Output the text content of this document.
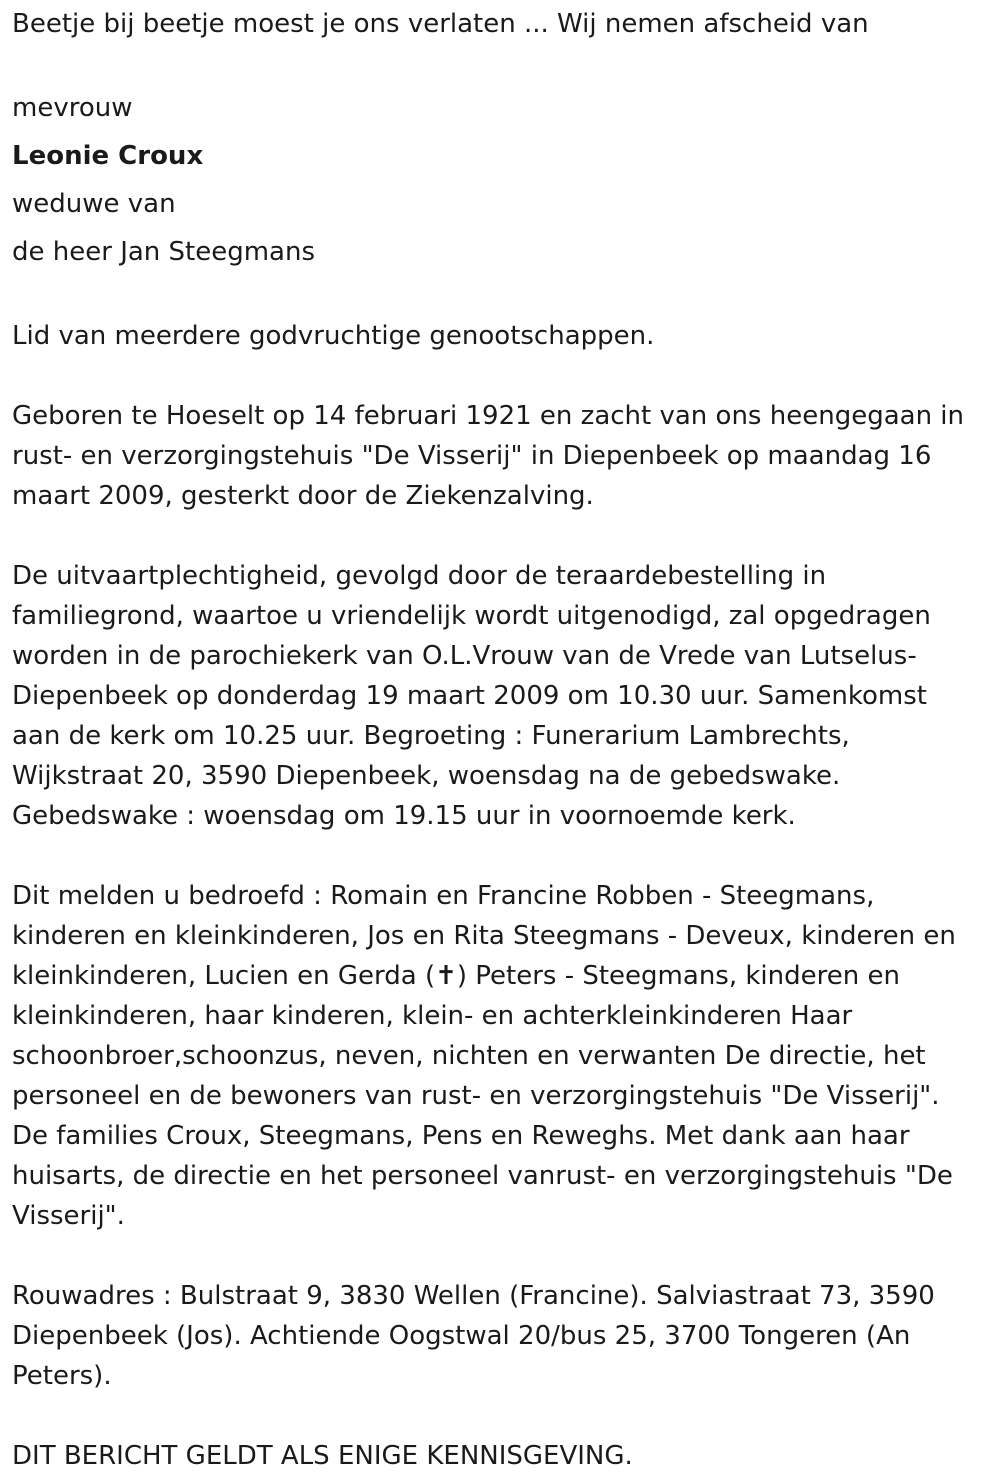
Beetje bij beetje moest je ons verlaten ... Wij nemen afscheid van

mevrouw

Leonie Croux

weduwe van

de heer Jan Steegmans

Lid van meerdere godvruchtige genootschappen.

Geboren te Hoeselt op 14 februari 1921 en zacht van ons heengegaan in
rust- en verzorgingstehuis "De Visserij" in Diepenbeek op maandag 16
maart 2009, gesterkt door de Ziekenzalving.

De uitvaartplechtigheid, gevolgd door de teraardebestelling in
familiegrond, waartoe u vriendelijk wordt uitgenodigd, zal opgedragen
worden in de parochiekerk van O.L.Vrouw van de Vrede van Lutselus-
Diepenbeek op donderdag 19 maart 2009 om 10.30 uur. Samenkomst
aan de kerk om 10.25 uur. Begroeting : Funerarium Lambrechts,
Wijkstraat 20, 3590 Diepenbeek, woensdag na de gebedswake.
Gebedswake : woensdag om 19.15 uur in voornoemde kerk.

Dit melden u bedroefd : Romain en Francine Robben - Steegmans,
kinderen en kleinkinderen, Jos en Rita Steegmans - Deveux, kinderen en
kleinkinderen, Lucien en Gerda (✝) Peters - Steegmans, kinderen en
kleinkinderen, haar kinderen, klein- en achterkleinkinderen Haar
schoonbroer,schoonzus, neven, nichten en verwanten De directie, het
personeel en de bewoners van rust- en verzorgingstehuis "De Visserij".
De families Croux, Steegmans, Pens en Reweghs. Met dank aan haar
huisarts, de directie en het personeel vanrust- en verzorgingstehuis "De
Visserij".

Rouwadres : Bulstraat 9, 3830 Wellen (Francine). Salviastraat 73, 3590
Diepenbeek (Jos). Achtiende Oogstwal 20/bus 25, 3700 Tongeren (An
Peters).

DIT BERICHT GELDT ALS ENIGE KENNISGEVING.
